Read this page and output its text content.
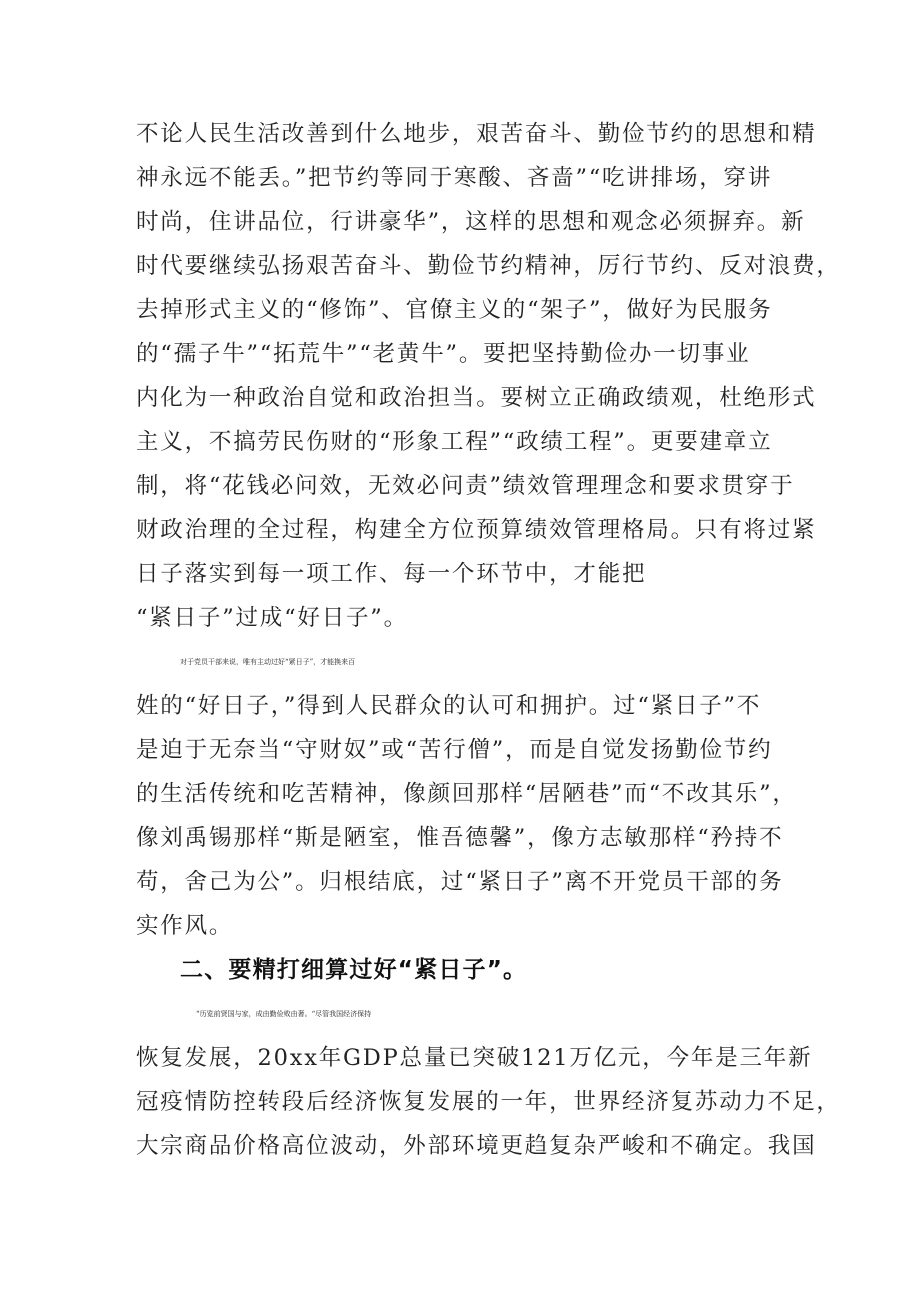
不论人民生活改善到什么地步，艰苦奋斗、勤俭节约的思想和精
神永远不能丢。”把节约等同于寒酸、吝啬”“吃讲排场，穿讲
时尚，住讲品位，行讲豪华”，这样的思想和观念必须摒弃。新
时代要继续弘扬艰苦奋斗、勤俭节约精神，厉行节约、反对浪费，
去掉形式主义的“修饰”、官僚主义的“架子”，做好为民服务
的“孺子牛”“拓荒牛”“老黄牛”。要把坚持勤俭办一切事业
内化为一种政治自觉和政治担当。要树立正确政绩观，杜绝形式
主义，不搞劳民伤财的“形象工程”“政绩工程”。更要建章立
制，将“花钱必问效，无效必问责”绩效管理理念和要求贯穿于
财政治理的全过程，构建全方位预算绩效管理格局。只有将过紧
日子落实到每一项工作、每一个环节中，才能把
“紧日子”过成“好日子”。
对于党员干部来说，唯有主动过好“紧日子”，才能换来百
姓的“好日子，”得到人民群众的认可和拥护。过“紧日子”不
是迫于无奈当“守财奴”或“苦行僧”，而是自觉发扬勤俭节约
的生活传统和吃苦精神，像颜回那样“居陋巷”而“不改其乐”，
像刘禹锡那样“斯是陋室，惟吾德馨”，像方志敏那样“矜持不
苟，舍己为公”。归根结底，过“紧日子”离不开党员干部的务
实作风。
二、要精打细算过好“紧日子”。
“历览前贤国与家，成由勤俭败由奢。“尽管我国经济保持
恢复发展，20xx年GDP总量已突破121万亿元，今年是三年新
冠疫情防控转段后经济恢复发展的一年，世界经济复苏动力不足，
大宗商品价格高位波动，外部环境更趋复杂严峻和不确定。我国
